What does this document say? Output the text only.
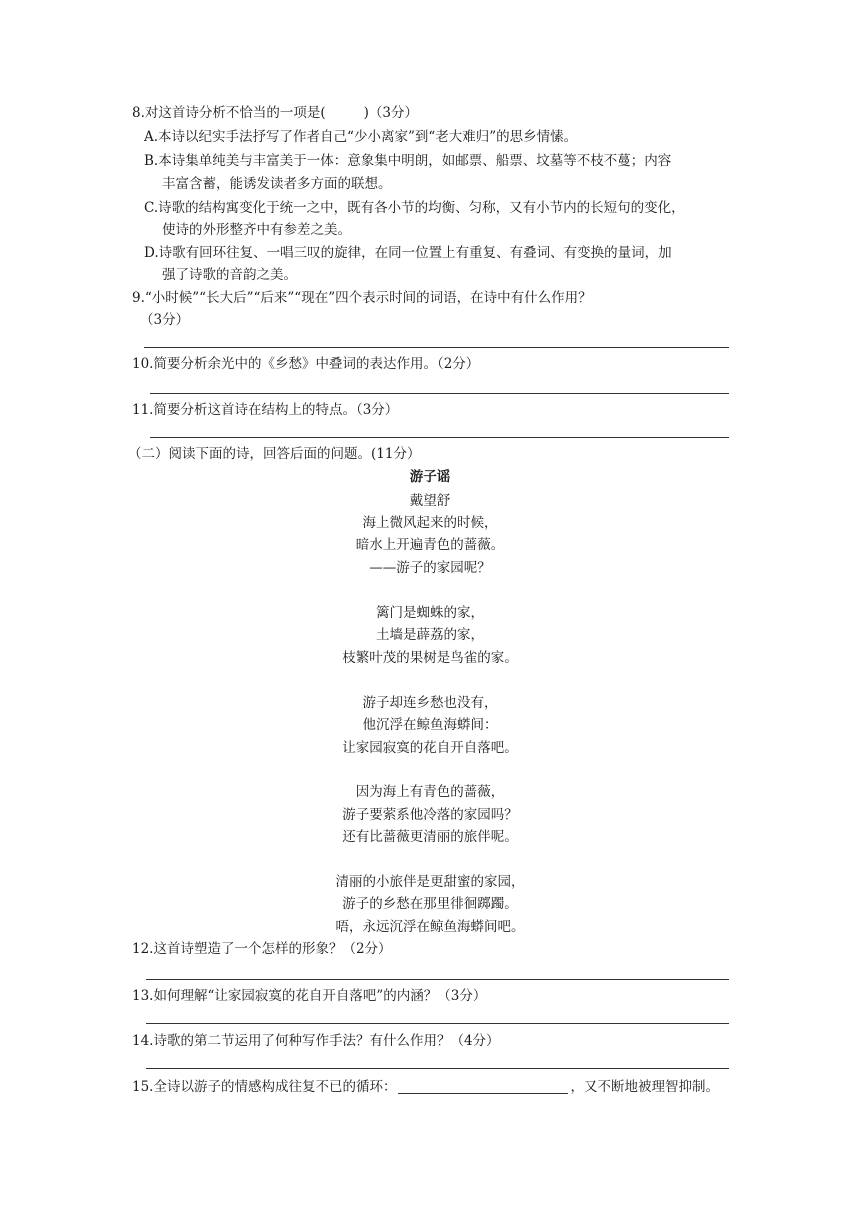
8.对这首诗分析不恰当的一项是(	)（3分）
A.本诗以纪实手法抒写了作者自己“少小离家”到“老大难归”的思乡情愫。
B.本诗集单纯美与丰富美于一体：意象集中明朗，如邮票、船票、坟墓等不枝不蔓；内容
丰富含蓄，能诱发读者多方面的联想。
C.诗歌的结构寓变化于统一之中，既有各小节的均衡、匀称，又有小节内的长短句的变化，
使诗的外形整齐中有参差之美。
D.诗歌有回环往复、一唱三叹的旋律，在同一位置上有重复、有叠词、有变换的量词，加
强了诗歌的音韵之美。
9.“小时候”“长大后”“后来”“现在”四个表示时间的词语，在诗中有什么作用？
（3分）
10.简要分析余光中的《乡愁》中叠词的表达作用。（2分）
11.简要分析这首诗在结构上的特点。（3分）
（二）阅读下面的诗，回答后面的问题。(11分）
游子谣
戴望舒
海上微风起来的时候，
暗水上开遍青色的蔷薇。
——游子的家园呢？
篱门是蜘蛛的家，
土墙是薜荔的家，
枝繁叶茂的果树是鸟雀的家。
游子却连乡愁也没有，
他沉浮在鲸鱼海蟒间：
让家园寂寞的花自开自落吧。
因为海上有青色的蔷薇，
游子要萦系他冷落的家园吗？
还有比蔷薇更清丽的旅伴呢。
清丽的小旅伴是更甜蜜的家园，
游子的乡愁在那里徘徊踯躅。
唔，永远沉浮在鲸鱼海蟒间吧。
12.这首诗塑造了一个怎样的形象？（2分）
13.如何理解“让家园寂寞的花自开自落吧”的内涵？（3分）
14.诗歌的第二节运用了何种写作手法？有什么作用？（4分）
15.全诗以游子的情感构成往复不已的循环：	，又不断地被理智抑制。
